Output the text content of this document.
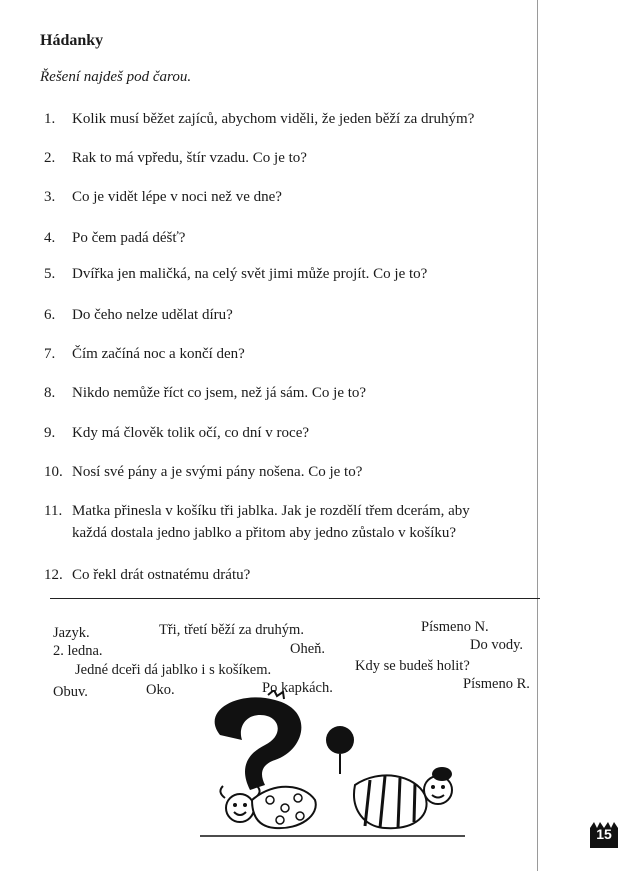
Hádanky
Řešení najdeš pod čarou.
1. Kolik musí běžet zajíců, abychom viděli, že jeden běží za druhým?
2. Rak to má vpředu, štír vzadu. Co je to?
3. Co je vidět lépe v noci než ve dne?
4. Po čem padá déšť?
5. Dvířka jen maličká, na celý svět jimi může projít. Co je to?
6. Do čeho nelze udělat díru?
7. Čím začíná noc a končí den?
8. Nikdo nemůže říct co jsem, než já sám. Co je to?
9. Kdy má člověk tolik očí, co dní v roce?
10. Nosí své pány a je svými pány nošena. Co je to?
11. Matka přinesla v košíku tři jablka. Jak je rozdělí třem dcerám, aby
každá dostala jedno jablko a přitom aby jedno zůstalo v košíku?
12. Co řekl drát ostnatému drátu?
Jazyk.	Tři, třetí běží za druhým.	Písmeno N.
2. ledna.	Oheň.	Do vody.
Jedné dceři dá jablko i s košíkem.	Kdy se budeš holit?
Obuv.	Oko.	Po kapkách.	Písmeno R.
15
